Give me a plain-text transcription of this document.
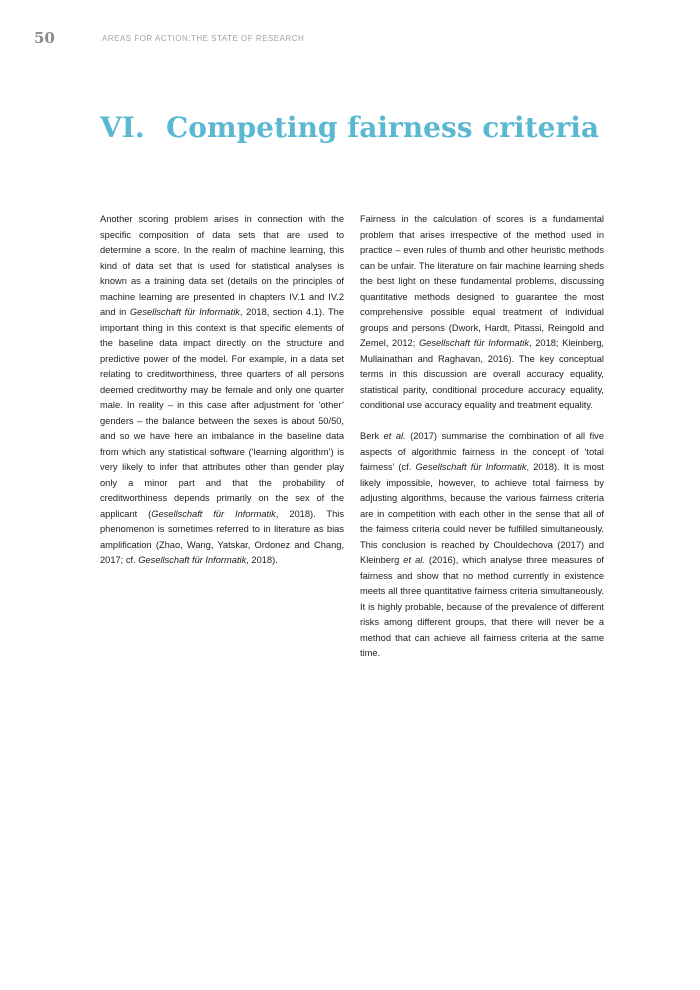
50	AREAS FOR ACTION:THE STATE OF RESEARCH
VI. Competing fairness criteria

Another scoring problem arises in connection with the specific composition of data sets that are used to determine a score. In the realm of machine learning, this kind of data set that is used for statistical analyses is known as a training data set (details on the principles of machine learning are presented in chapters IV.1 and IV.2 and in Gesellschaft für Informatik, 2018, section 4.1). The important thing in this context is that specific elements of the baseline data impact directly on the structure and predictive power of the model. For example, in a data set relating to creditworthiness, three quarters of all persons deemed creditworthy may be female and only one quarter male. In reality – in this case after adjustment for ‘other’ genders – the balance between the sexes is about 50/50, and so we have here an imbalance in the baseline data from which any statistical software (‘learning algorithm’) is very likely to infer that attributes other than gender play only a minor part and that the probability of creditworthiness depends primarily on the sex of the applicant (Gesellschaft für Informatik, 2018). This phenomenon is sometimes referred to in literature as bias amplification (Zhao, Wang, Yatskar, Ordonez and Chang, 2017; cf. Gesellschaft für Informatik, 2018).

Fairness in the calculation of scores is a fundamental problem that arises irrespective of the method used in practice – even rules of thumb and other heuristic methods can be unfair. The literature on fair machine learning sheds the best light on these fundamental problems, discussing quantitative methods designed to guarantee the most comprehensive possible equal treatment of individual groups and persons (Dwork, Hardt, Pitassi, Reingold and Zemel, 2012; Gesellschaft für Informatik, 2018; Kleinberg, Mullainathan and Raghavan, 2016). The key conceptual terms in this discussion are overall accuracy equality, statistical parity, conditional procedure accuracy equality, conditional use accuracy equality and treatment equality.

Berk et al. (2017) summarise the combination of all five aspects of algorithmic fairness in the concept of ‘total fairness’ (cf. Gesellschaft für Informatik, 2018). It is most likely impossible, however, to achieve total fairness by adjusting algorithms, because the various fairness criteria are in competition with each other in the sense that all of the fairness criteria could never be fulfilled simultaneously. This conclusion is reached by Chouldechova (2017) and Kleinberg et al. (2016), which analyse three measures of fairness and show that no method currently in existence meets all three quantitative fairness criteria simultaneously. It is highly probable, because of the prevalence of different risks among different groups, that there will never be a method that can achieve all fairness criteria at the same time.
